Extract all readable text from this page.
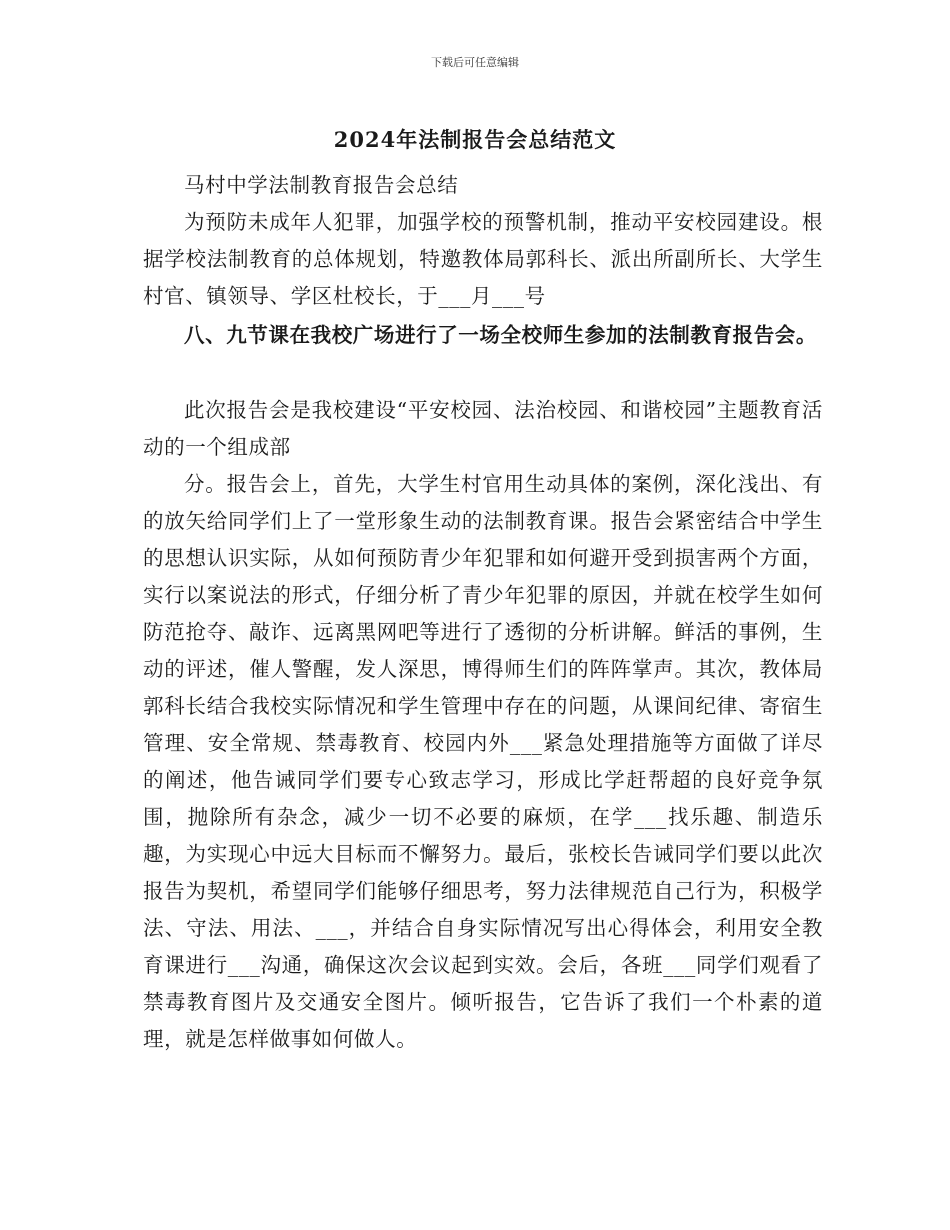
下载后可任意编辑
2024年法制报告会总结范文

马村中学法制教育报告会总结

为预防未成年人犯罪，加强学校的预警机制，推动平安校园建设。根据学校法制教育的总体规划，特邀教体局郭科长、派出所副所长、大学生村官、镇领导、学区杜校长，于___月___号

八、九节课在我校广场进行了一场全校师生参加的法制教育报告会。

此次报告会是我校建设“平安校园、法治校园、和谐校园”主题教育活动的一个组成部

分。报告会上，首先，大学生村官用生动具体的案例，深化浅出、有的放矢给同学们上了一堂形象生动的法制教育课。报告会紧密结合中学生的思想认识实际，从如何预防青少年犯罪和如何避开受到损害两个方面，实行以案说法的形式，仔细分析了青少年犯罪的原因，并就在校学生如何防范抢夺、敲诈、远离黑网吧等进行了透彻的分析讲解。鲜活的事例，生动的评述，催人警醒，发人深思，博得师生们的阵阵掌声。其次，教体局郭科长结合我校实际情况和学生管理中存在的问题，从课间纪律、寄宿生管理、安全常规、禁毒教育、校园内外___紧急处理措施等方面做了详尽的阐述，他告诫同学们要专心致志学习，形成比学赶帮超的良好竞争氛围，抛除所有杂念，减少一切不必要的麻烦，在学___找乐趣、制造乐趣，为实现心中远大目标而不懈努力。最后，张校长告诫同学们要以此次报告为契机，希望同学们能够仔细思考，努力法律规范自己行为，积极学法、守法、用法、___，并结合自身实际情况写出心得体会，利用安全教育课进行___沟通，确保这次会议起到实效。会后，各班___同学们观看了禁毒教育图片及交通安全图片。倾听报告，它告诉了我们一个朴素的道理，就是怎样做事如何做人。
